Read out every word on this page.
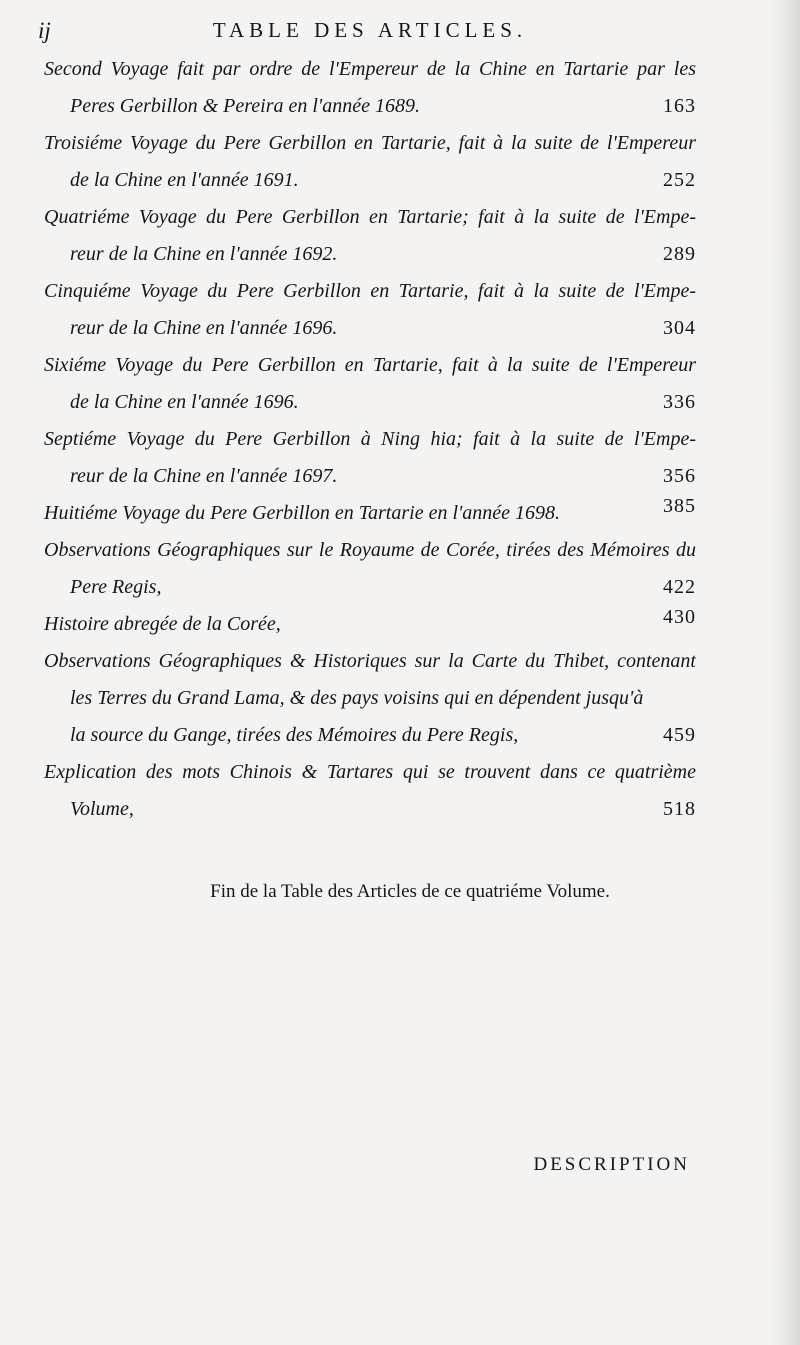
ij	TABLE DES ARTICLES.
Second Voyage fait par ordre de l'Empereur de la Chine en Tartarie par les
Peres Gerbillon & Pereira en l'année 1689.	163
Troisiéme Voyage du Pere Gerbillon en Tartarie, fait à la suite de l'Empereur
de la Chine en l'année 1691.	252
Quatriéme Voyage du Pere Gerbillon en Tartarie; fait à la suite de l'Empe-
reur de la Chine en l'année 1692.	289
Cinquiéme Voyage du Pere Gerbillon en Tartarie, fait à la suite de l'Empe-
reur de la Chine en l'année 1696.	304
Sixiéme Voyage du Pere Gerbillon en Tartarie, fait à la suite de l'Empereur
de la Chine en l'année 1696.	336
Septiéme Voyage du Pere Gerbillon à Ning hia; fait à la suite de l'Empe-
reur de la Chine en l'année 1697.	356
Huitiéme Voyage du Pere Gerbillon en Tartarie en l'année 1698.	385
Observations Géographiques sur le Royaume de Corée, tirées des Mémoires du
Pere Regis,	422
Histoire abregée de la Corée,	430
Observations Géographiques & Historiques sur la Carte du Thibet, contenant
les Terres du Grand Lama, & des pays voisins qui en dépendent jusqu'à
la source du Gange, tirées des Mémoires du Pere Regis,	459
Explication des mots Chinois & Tartares qui se trouvent dans ce quatrième
Volume,	518
Fin de la Table des Articles de ce quatriéme Volume.
DESCRIPTION
